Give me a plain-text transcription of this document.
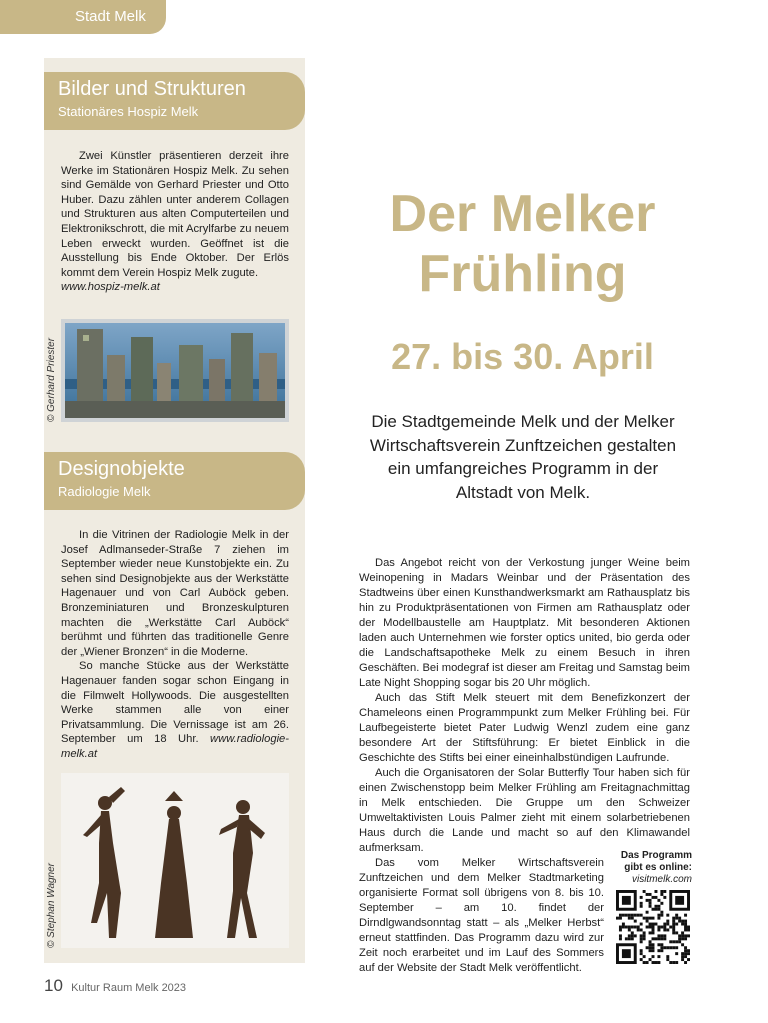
Stadt Melk
Bilder und Strukturen
Stationäres Hospiz Melk

Zwei Künstler präsentieren derzeit ihre Werke im Stationären Hospiz Melk. Zu sehen sind Gemälde von Gerhard Priester und Otto Huber. Dazu zählen unter anderem Collagen und Strukturen aus alten Computerteilen und Elektronikschrott, die mit Acrylfarbe zu neuem Leben erweckt wurden. Geöffnet ist die Ausstellung bis Ende Oktober. Der Erlös kommt dem Verein Hospiz Melk zugute.

www.hospiz-melk.at
© Gerhard Priester
Designobjekte
Radiologie Melk

In die Vitrinen der Radiologie Melk in der Josef Adlmanseder-Straße 7 ziehen im September wieder neue Kunstobjekte ein. Zu sehen sind Designobjekte aus der Werkstätte Hagenauer und von Carl Auböck geben. Bronzeminiaturen und Bronzeskulpturen machten die „Werkstätte Carl Auböck“ berühmt und führten das traditionelle Genre der „Wiener Bronzen“ in die Moderne.

So manche Stücke aus der Werkstätte Hagenauer fanden sogar schon Eingang in die Filmwelt Hollywoods. Die ausgestellten Werke stammen alle von einer Privatsammlung. Die Vernissage ist am 26. September um 18 Uhr. www.radiologie-melk.at

© Stephan Wagner
Der Melker
Frühling
27. bis 30. April
Die Stadtgemeinde Melk und der Melker Wirtschaftsverein Zunftzeichen gestalten ein umfangreiches Programm in der Altstadt von Melk.

Das Angebot reicht von der Verkostung junger Weine beim Weinopening in Madars Weinbar und der Präsentation des Stadtweins über einen Kunsthandwerksmarkt am Rathausplatz bis hin zu Produktpräsentationen von Firmen am Rathausplatz oder der Modellbaustelle am Hauptplatz. Mit besonderen Aktionen laden auch Unternehmen wie forster optics united, bio gerda oder die Landschaftsapotheke Melk zu einem Besuch in ihren Geschäften. Bei modegraf ist dieser am Freitag und Samstag beim Late Night Shopping sogar bis 20 Uhr möglich.

Auch das Stift Melk steuert mit dem Benefizkonzert der Chameleons einen Programmpunkt zum Melker Frühling bei. Für Laufbegeisterte bietet Pater Ludwig Wenzl zudem eine ganz besondere Art der Stiftsführung: Er bietet Einblick in die Geschichte des Stifts bei einer eineinhalbstündigen Laufrunde.

Auch die Organisatoren der Solar Butterfly Tour haben sich für einen Zwischenstopp beim Melker Frühling am Freitagnachmittag in Melk entschieden. Die Gruppe um den Schweizer Umweltaktivisten Louis Palmer zieht mit einem solarbetriebenen Haus durch die Lande und macht so auf den Klimawandel aufmerksam.

Das vom Melker Wirtschaftsverein Zunftzeichen und dem Melker Stadtmarketing organisierte Format soll übrigens von 8. bis 10. September – am 10. findet der Dirndlgwandsonntag statt – als „Melker Herbst“ erneut stattfinden. Das Programm dazu wird zur Zeit noch erarbeitet und im Lauf des Sommers auf der Website der Stadt Melk veröffentlicht.

Das Programm
gibt es online:
visitmelk.com
10 Kultur Raum Melk 2023
